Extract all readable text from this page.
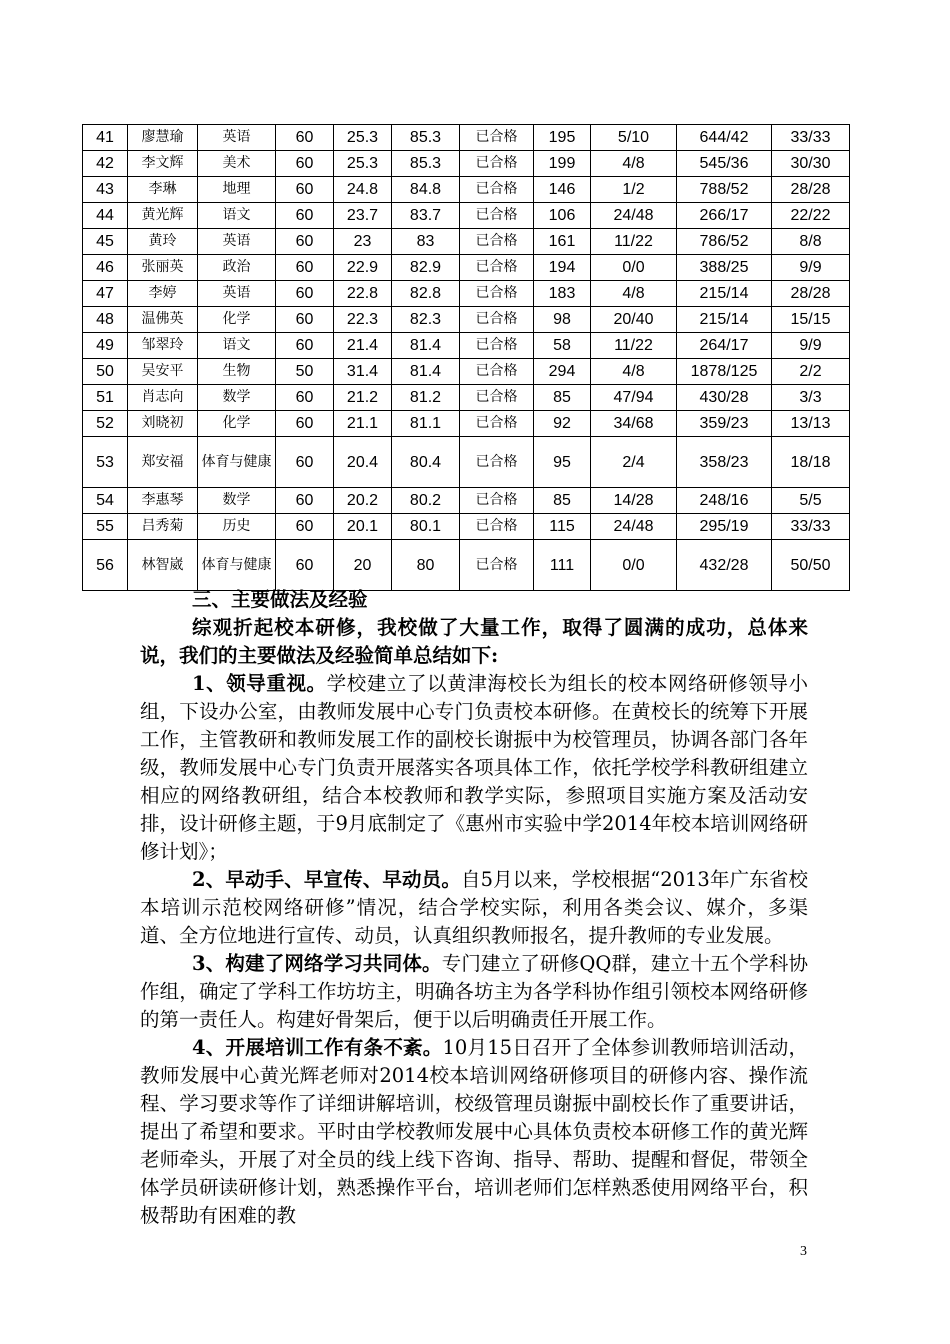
41	廖慧瑜	英语	60	25.3	85.3	已合格	195	5/10	644/42	33/33
42	李文辉	美术	60	25.3	85.3	已合格	199	4/8	545/36	30/30
43	李琳	地理	60	24.8	84.8	已合格	146	1/2	788/52	28/28
44	黄光辉	语文	60	23.7	83.7	已合格	106	24/48	266/17	22/22
45	黄玲	英语	60	23	83	已合格	161	11/22	786/52	8/8
46	张丽英	政治	60	22.9	82.9	已合格	194	0/0	388/25	9/9
47	李婷	英语	60	22.8	82.8	已合格	183	4/8	215/14	28/28
48	温佛英	化学	60	22.3	82.3	已合格	98	20/40	215/14	15/15
49	邹翠玲	语文	60	21.4	81.4	已合格	58	11/22	264/17	9/9
50	吴安平	生物	50	31.4	81.4	已合格	294	4/8	1878/125	2/2
51	肖志向	数学	60	21.2	81.2	已合格	85	47/94	430/28	3/3
52	刘晓初	化学	60	21.1	81.1	已合格	92	34/68	359/23	13/13
53	郑安福	体育与健康	60	20.4	80.4	已合格	95	2/4	358/23	18/18
54	李惠琴	数学	60	20.2	80.2	已合格	85	14/28	248/16	5/5
55	吕秀菊	历史	60	20.1	80.1	已合格	115	24/48	295/19	33/33
56	林智崴	体育与健康	60	20	80	已合格	111	0/0	432/28	50/50

三、主要做法及经验

综观折起校本研修，我校做了大量工作，取得了圆满的成功，总体来说，我们的主要做法及经验简单总结如下:

1、领导重视。学校建立了以黄津海校长为组长的校本网络研修领导小组，下设办公室，由教师发展中心专门负责校本研修。在黄校长的统筹下开展工作，主管教研和教师发展工作的副校长谢振中为校管理员，协调各部门各年级，教师发展中心专门负责开展落实各项具体工作，依托学校学科教研组建立相应的网络教研组，结合本校教师和教学实际，参照项目实施方案及活动安排，设计研修主题，于9月底制定了《惠州市实验中学2014年校本培训网络研修计划》；

2、早动手、早宣传、早动员。自5月以来，学校根据“2013年广东省校本培训示范校网络研修”情况，结合学校实际，利用各类会议、媒介，多渠道、全方位地进行宣传、动员，认真组织教师报名，提升教师的专业发展。

3、构建了网络学习共同体。专门建立了研修QQ群，建立十五个学科协作组，确定了学科工作坊坊主，明确各坊主为各学科协作组引领校本网络研修的第一责任人。构建好骨架后，便于以后明确责任开展工作。

4、开展培训工作有条不紊。10月15日召开了全体参训教师培训活动，教师发展中心黄光辉老师对2014校本培训网络研修项目的研修内容、操作流程、学习要求等作了详细讲解培训，校级管理员谢振中副校长作了重要讲话，提出了希望和要求。平时由学校教师发展中心具体负责校本研修工作的黄光辉老师牵头，开展了对全员的线上线下咨询、指导、帮助、提醒和督促，带领全体学员研读研修计划，熟悉操作平台，培训老师们怎样熟悉使用网络平台，积极帮助有困难的教

3
